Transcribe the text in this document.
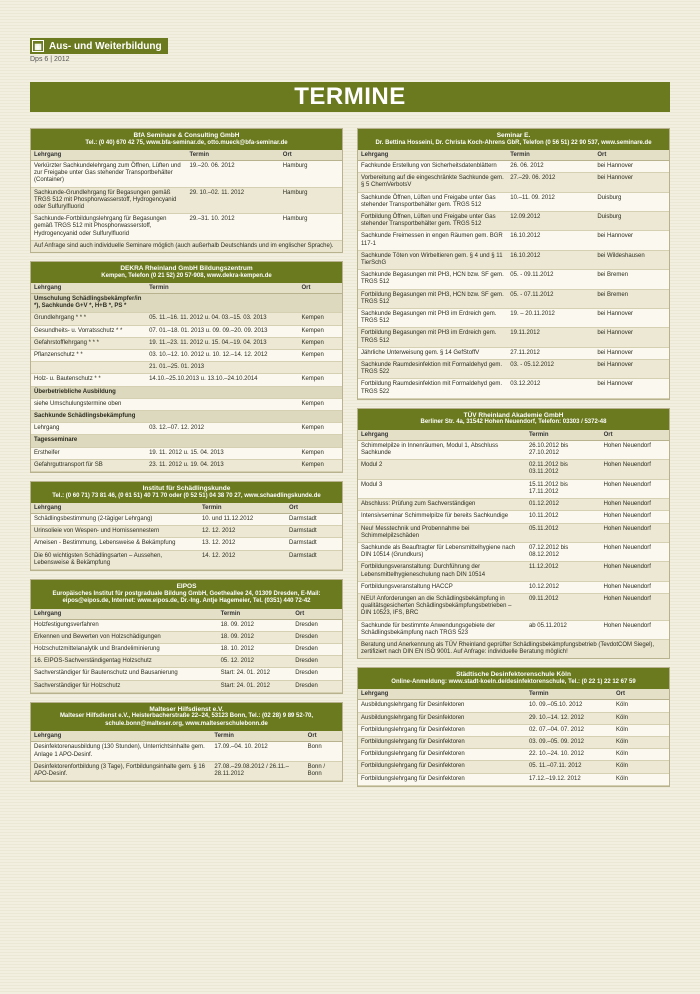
▦ Aus- und Weiterbildung
Dps 6 | 2012
TERMINE
BfA Seminare & Consulting GmbH
Tel.: (0 40) 670 42 75, www.bfa-seminar.de, otto.mueck@bfa-seminar.de
Lehrgang	Termin	Ort
Verkürzter Sachkundelehrgang zum Öffnen, Lüften und zur Freigabe unter Gas stehender Transportbehälter (Container)	19.–20. 06. 2012	Hamburg
Sachkunde-Grundlehrgang für Begasungen gemäß TRGS 512 mit Phosphorwasserstoff, Hydrogencyanid oder Sulfurylfluorid	29. 10.–02. 11. 2012	Hamburg
Sachkunde-Fortbildungslehrgang für Begasungen gemäß TRGS 512 mit Phosphorwasserstoff, Hydrogencyanid oder Sulfurylfluorid	29.–31. 10. 2012	Hamburg
Auf Anfrage sind auch individuelle Seminare möglich (auch außerhalb Deutschlands und im englischer Sprache).
DEKRA Rheinland GmbH Bildungszentrum
Kempen, Telefon (0 21 52) 20 57-908, www.dekra-kempen.de
Lehrgang	Termin	Ort
Umschulung Schädlingsbekämpfer/in *), Sachkunde G+V *, H+B *, PS *		
Grundlehrgang * * *	05. 11.–16. 11. 2012 u. 04. 03.–15. 03. 2013	Kempen
Gesundheits- u. Vorratsschutz * *	07. 01.–18. 01. 2013 u. 09. 09.–20. 09. 2013	Kempen
Gefahrstofflehrgang * * *	19. 11.–23. 11. 2012 u. 15. 04.–19. 04. 2013	Kempen
Pflanzenschutz * *	03. 10.–12. 10. 2012 u. 10. 12.–14. 12. 2012	Kempen
	21. 01.–25. 01. 2013	
Holz- u. Bautenschutz * *	14.10.–25.10.2013 u. 13.10.–24.10.2014	Kempen
Überbetriebliche Ausbildung		
siehe Umschulungstermine oben		Kempen
Sachkunde Schädlingsbekämpfung		
Lehrgang	03. 12.–07. 12. 2012	Kempen
Tagesseminare		
Erstheifer	19. 11. 2012 u. 15. 04. 2013	Kempen
Gefahrguttransport für SB	23. 11. 2012 u. 19. 04. 2013	Kempen
Institut für Schädlingskunde
Tel.: (0 60 71) 73 81 46, (0 61 51) 40 71 70 oder (0 52 51) 04 38 70 27, www.schaedlingskunde.de
Lehrgang	Termin	Ort
Schädlingsbestimmung (2-tägiger Lehrgang)	10. und 11.12.2012	Darmstadt
Urinsolieie von Wespen- und Hornissennestern	12. 12. 2012	Darmstadt
Ameisen - Bestimmung, Lebensweise & Bekämpfung	13. 12. 2012	Darmstadt
Die 60 wichtigsten Schädlingsarten – Aussehen, Lebensweise & Bekämpfung	14. 12. 2012	Darmstadt
EIPOS
Europäisches Institut für postgraduale Bildung GmbH, Goetheallee 24, 01309 Dresden, E-Mail: eipos@eipos.de, Internet: www.eipos.de, Dr.-Ing. Antje Hagemeier, Tel. (0351) 440 72-42
Lehrgang	Termin	Ort
Holzfestigungsverfahren	18. 09. 2012	Dresden
Erkennen und Bewerten von Holzschädigungen	18. 09. 2012	Dresden
Holzschutzmittelanalytik und Brandeliminierung	18. 10. 2012	Dresden
16. EIPOS-Sachverständigentag Holzschutz	05. 12. 2012	Dresden
Sachverständiger für Bautenschutz und Bausanierung	Start: 24. 01. 2012	Dresden
Sachverständiger für Holzschutz	Start: 24. 01. 2012	Dresden
Malteser Hilfsdienst e.V.
Malteser Hilfsdienst e.V., Heisterbacherstraße 22–24, 53123 Bonn, Tel.: (02 28) 9 89 52-70, schule.bonn@malteser.org, www.malteserschulebonn.de
Lehrgang	Termin	Ort
Desinfektorenausbildung (130 Stunden), Unterrichtsinhalte gem. Anlage 1 APO-Desinf.	17.09.–04. 10. 2012	Bonn
Desinfektorenfortbildung (3 Tage), Fortbildungsinhalte gem. § 16 APO-Desinf.	27.08.–29.08.2012 / 26.11.–28.11.2012	Bonn / Bonn
Seminar E.
Dr. Bettina Hosseini, Dr. Christa Koch-Ahrens GbR, Telefon (0 56 51) 22 90 537, www.seminare.de
Lehrgang	Termin	Ort
Fachkunde Erstellung von Sicherheitsdatenblättern	26. 06. 2012	bei Hannover
Vorbereitung auf die eingeschränkte Sachkunde gem. § 5 ChemVerbotsV	27.–29. 06. 2012	bei Hannover
Sachkunde Öffnen, Lüften und Freigabe unter Gas stehender Transportbehälter gem. TRGS 512	10.–11. 09. 2012	Duisburg
Fortbildung Öffnen, Lüften und Freigabe unter Gas stehender Transportbehälter gem. TRGS 512	12.09.2012	Duisburg
Sachkunde Freimessen in engen Räumen gem. BGR 117-1	16.10.2012	bei Hannover
Sachkunde Töten von Wirbeltieren gem. § 4 und § 11 TierSchG	16.10.2012	bei Wildeshausen
Sachkunde Begasungen mit PH3, HCN bzw. SF gem. TRGS 512	05. - 09.11.2012	bei Bremen
Fortbildung Begasungen mit PH3, HCN bzw. SF gem. TRGS 512	05. - 07.11.2012	bei Bremen
Sachkunde Begasungen mit PH3 im Erdreich gem. TRGS 512	19. – 20.11.2012	bei Hannover
Fortbildung Begasungen mit PH3 im Erdreich gem. TRGS 512	19.11.2012	bei Hannover
Jährliche Unterweisung gem. § 14 GefStoffV	27.11.2012	bei Hannover
Sachkunde Raumdesinfektion mit Formaldehyd gem. TRGS 522	03. - 05.12.2012	bei Hannover
Fortbildung Raumdesinfektion mit Formaldehyd gem. TRGS 522	03.12.2012	bei Hannover
TÜV Rheinland Akademie GmbH
Berliner Str. 4a, 31542 Hohen Neuendorf, Telefon: 03303 / 5372-48
Lehrgang	Termin	Ort
Schimmelpilze in Innenräumen, Modul 1, Abschluss Sachkunde	26.10.2012 bis 27.10.2012	Hohen Neuendorf
Modul 2	02.11.2012 bis 03.11.2012	Hohen Neuendorf
Modul 3	15.11.2012 bis 17.11.2012	Hohen Neuendorf
Abschluss: Prüfung zum Sachverständigen	01.12.2012	Hohen Neuendorf
Intensivseminar Schimmelpilze für bereits Sachkundige	10.11.2012	Hohen Neuendorf
Neu! Messtechnik und Probennahme bei Schimmelpilzschäden	05.11.2012	Hohen Neuendorf
Sachkunde als Beauftragter für Lebensmittelhygiene nach DIN 10514 (Grundkurs)	07.12.2012 bis 08.12.2012	Hohen Neuendorf
Fortbildungsveranstaltung: Durchführung der Lebensmittelhygieneschulung nach DIN 10514	11.12.2012	Hohen Neuendorf
Fortbildungsveranstaltung HACCP	10.12.2012	Hohen Neuendorf
NEU! Anforderungen an die Schädlingsbekämpfung in qualitätsgesicherten Schädlingsbekämpfungsbetrieben – DIN 10523, IFS, BRC	09.11.2012	Hohen Neuendorf
Sachkunde für bestimmte Anwendungsgebiete der Schädlingsbekämpfung nach TRGS 523	ab 05.11.2012	Hohen Neuendorf
Beratung und Anerkennung als TÜV Rheinland geprüfter Schädlingsbekämpfungsbetrieb (TevdotCOM Siegel), zertifiziert nach DIN EN ISO 9001. Auf Anfrage: individuelle Beratung möglich!
Städtische Desinfektorenschule Köln
Online-Anmeldung: www.stadt-koeln.de/desinfektorenschule, Tel.: (0 22 1) 22 12 67 59
Lehrgang	Termin	Ort
Ausbildungslehrgang für Desinfektoren	10. 09.–05.10. 2012	Köln
Ausbildungslehrgang für Desinfektoren	29. 10.–14. 12. 2012	Köln
Fortbildungslehrgang für Desinfektoren	02. 07.–04. 07. 2012	Köln
Fortbildungslehrgang für Desinfektoren	03. 09.–05. 09. 2012	Köln
Fortbildungslehrgang für Desinfektoren	22. 10.–24. 10. 2012	Köln
Fortbildungslehrgang für Desinfektoren	05. 11.–07.11. 2012	Köln
Fortbildungslehrgang für Desinfektoren	17.12.–19.12. 2012	Köln
